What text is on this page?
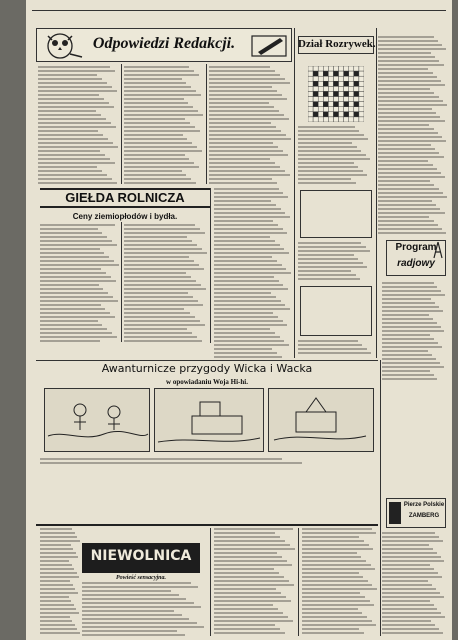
Odpowiedzi Redakcji.	Dział Rozrywek.
GIEŁDA ROLNICZA
Ceny ziemiopłodów i bydła.
Program
radjowy
Awanturnicze przygody Wicka i Wacka
w opowiadaniu Woja Hi-hi.
NIEWOLNICA
Powieść sensacyjna.
Pierze Polskie
ZAMBERG
